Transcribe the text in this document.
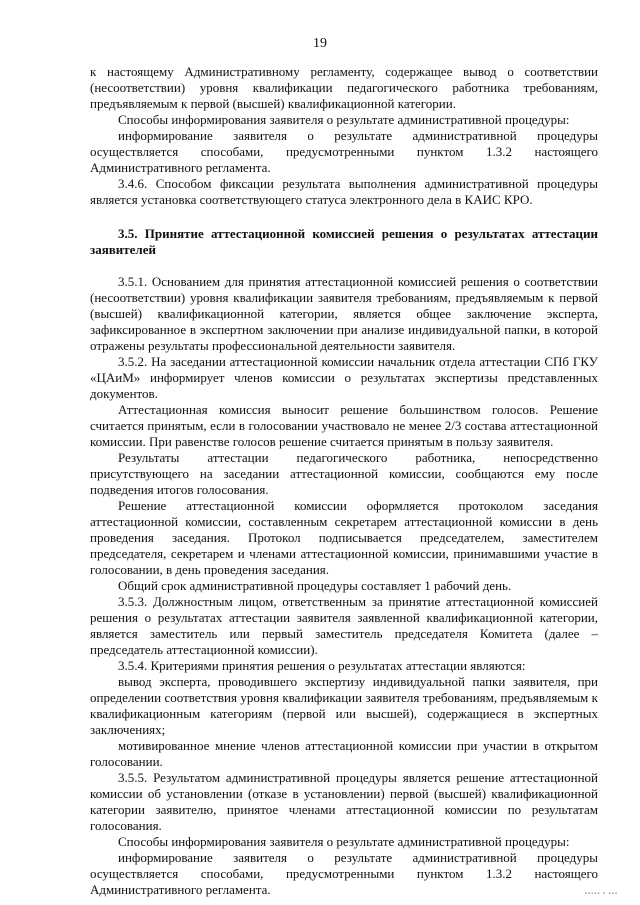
19

к настоящему Административному регламенту, содержащее вывод о соответствии (несоответствии) уровня квалификации педагогического работника требованиям, предъявляемым к первой (высшей) квалификационной категории.

Способы информирования заявителя о результате административной процедуры:

информирование заявителя о результате административной процедуры осуществляется способами, предусмотренными пунктом 1.3.2 настоящего Административного регламента.

3.4.6. Способом фиксации результата выполнения административной процедуры является установка соответствующего статуса электронного дела в КАИС КРО.

3.5. Принятие аттестационной комиссией решения о результатах аттестации заявителей

3.5.1. Основанием для принятия аттестационной комиссией решения о соответствии (несоответствии) уровня квалификации заявителя требованиям, предъявляемым к первой (высшей) квалификационной категории, является общее заключение эксперта, зафиксированное в экспертном заключении при анализе индивидуальной папки, в которой отражены результаты профессиональной деятельности заявителя.

3.5.2. На заседании аттестационной комиссии начальник отдела аттестации СПб ГКУ «ЦАиМ» информирует членов комиссии о результатах экспертизы представленных документов.

Аттестационная комиссия выносит решение большинством голосов. Решение считается принятым, если в голосовании участвовало не менее 2/3 состава аттестационной комиссии. При равенстве голосов решение считается принятым в пользу заявителя.

Результаты аттестации педагогического работника, непосредственно присутствующего на заседании аттестационной комиссии, сообщаются ему после подведения итогов голосования.

Решение аттестационной комиссии оформляется протоколом заседания аттестационной комиссии, составленным секретарем аттестационной комиссии в день проведения заседания. Протокол подписывается председателем, заместителем председателя, секретарем и членами аттестационной комиссии, принимавшими участие в голосовании, в день проведения заседания.

Общий срок административной процедуры составляет 1 рабочий день.

3.5.3. Должностным лицом, ответственным за принятие аттестационной комиссией решения о результатах аттестации заявителя заявленной квалификационной категории, является заместитель или первый заместитель председателя Комитета (далее – председатель аттестационной комиссии).

3.5.4. Критериями принятия решения о результатах аттестации являются:

вывод эксперта, проводившего экспертизу индивидуальной папки заявителя, при определении соответствия уровня квалификации заявителя требованиям, предъявляемым к квалификационным категориям (первой или высшей), содержащиеся в экспертных заключениях;

мотивированное мнение членов аттестационной комиссии при участии в открытом голосовании.

3.5.5. Результатом административной процедуры является решение аттестационной комиссии об установлении (отказе в установлении) первой (высшей) квалификационной категории заявителю, принятое членами аттестационной комиссии по результатам голосования.

Способы информирования заявителя о результате административной процедуры:

информирование заявителя о результате административной процедуры осуществляется способами, предусмотренными пунктом 1.3.2 настоящего Административного регламента.	▪▪▪▪▪ ▪ ▪▪▪
